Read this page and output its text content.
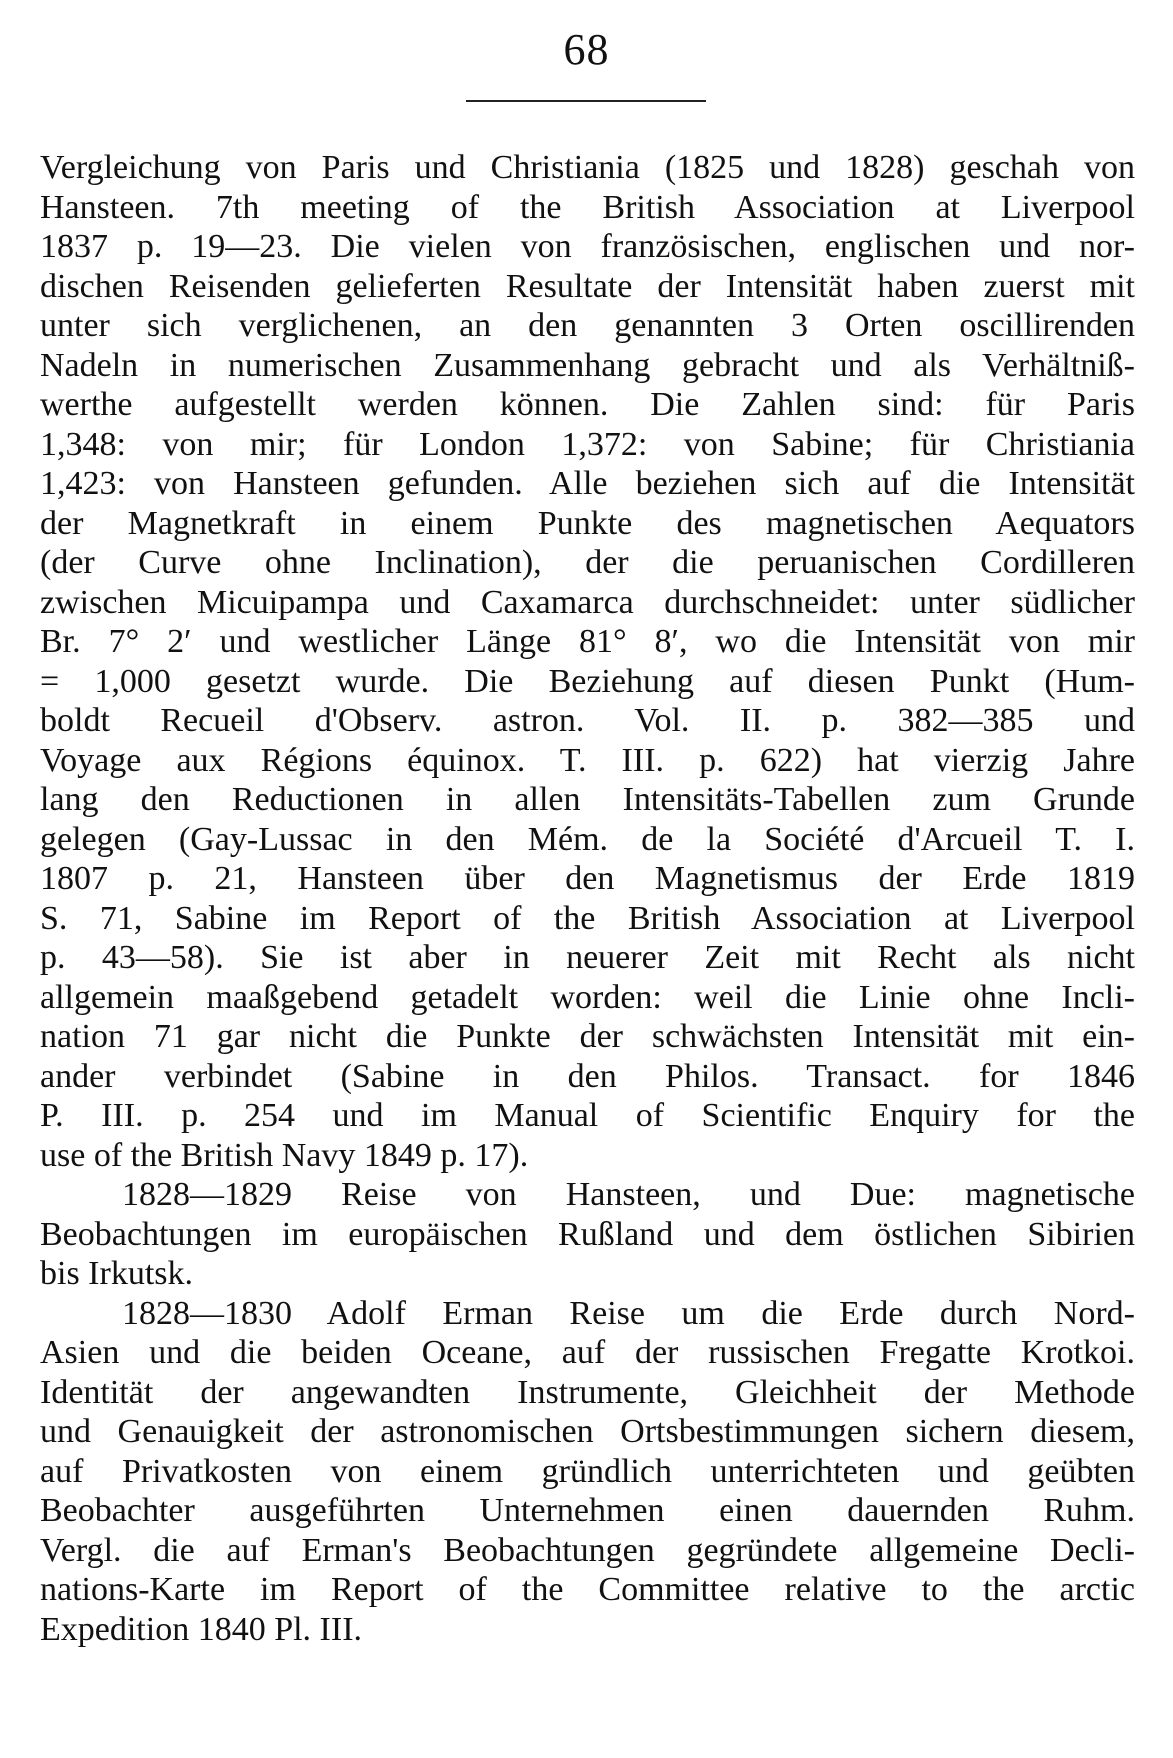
68
Vergleichung von Paris und Christiania (1825 und 1828) geschah von
Hansteen. 7th meeting of the British Association at Liverpool
1837 p. 19—23. Die vielen von französischen, englischen und nor-
dischen Reisenden gelieferten Resultate der Intensität haben zuerst mit
unter sich verglichenen, an den genannten 3 Orten oscillirenden
Nadeln in numerischen Zusammenhang gebracht und als Verhältniß-
werthe aufgestellt werden können. Die Zahlen sind: für Paris
1,348: von mir; für London 1,372: von Sabine; für Christiania
1,423: von Hansteen gefunden. Alle beziehen sich auf die Intensität
der Magnetkraft in einem Punkte des magnetischen Aequators
(der Curve ohne Inclination), der die peruanischen Cordilleren
zwischen Micuipampa und Caxamarca durchschneidet: unter südlicher
Br. 7° 2′ und westlicher Länge 81° 8′, wo die Intensität von mir
= 1,000 gesetzt wurde. Die Beziehung auf diesen Punkt (Hum-
boldt Recueil d'Observ. astron. Vol. II. p. 382—385 und
Voyage aux Régions équinox. T. III. p. 622) hat vierzig Jahre
lang den Reductionen in allen Intensitäts-Tabellen zum Grunde
gelegen (Gay-Lussac in den Mém. de la Société d'Arcueil T. I.
1807 p. 21, Hansteen über den Magnetismus der Erde 1819
S. 71, Sabine im Report of the British Association at Liverpool
p. 43—58). Sie ist aber in neuerer Zeit mit Recht als nicht
allgemein maaßgebend getadelt worden: weil die Linie ohne Incli-
nation 71 gar nicht die Punkte der schwächsten Intensität mit ein-
ander verbindet (Sabine in den Philos. Transact. for 1846
P. III. p. 254 und im Manual of Scientific Enquiry for the
use of the British Navy 1849 p. 17).
1828—1829 Reise von Hansteen, und Due: magnetische
Beobachtungen im europäischen Rußland und dem östlichen Sibirien
bis Irkutsk.
1828—1830 Adolf Erman Reise um die Erde durch Nord-
Asien und die beiden Oceane, auf der russischen Fregatte Krotkoi.
Identität der angewandten Instrumente, Gleichheit der Methode
und Genauigkeit der astronomischen Ortsbestimmungen sichern diesem,
auf Privatkosten von einem gründlich unterrichteten und geübten
Beobachter ausgeführten Unternehmen einen dauernden Ruhm.
Vergl. die auf Erman's Beobachtungen gegründete allgemeine Decli-
nations-Karte im Report of the Committee relative to the arctic
Expedition 1840 Pl. III.
